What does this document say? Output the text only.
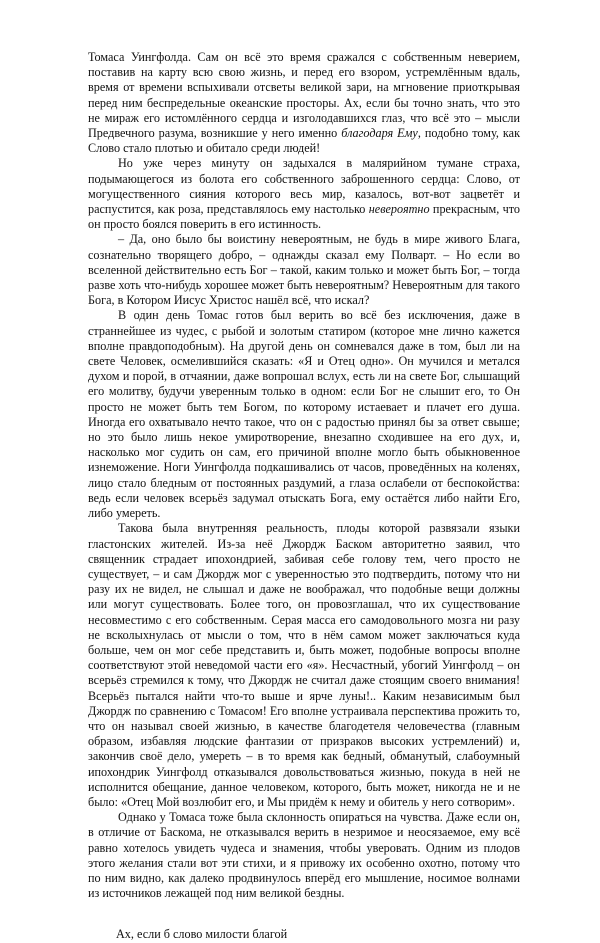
Томаса Уингфолда. Сам он всё это время сражался с собственным неверием, поставив на карту всю свою жизнь, и перед его взором, устремлённым вдаль, время от времени вспыхивали отсветы великой зари, на мгновение приоткрывая перед ним беспредельные океанские просторы. Ах, если бы точно знать, что это не мираж его истомлённого сердца и изголодавшихся глаз, что всё это – мысли Предвечного разума, возникшие у него именно благодаря Ему, подобно тому, как Слово стало плотью и обитало среди людей!

Но уже через минуту он задыхался в малярийном тумане страха, подымающегося из болота его собственного заброшенного сердца: Слово, от могущественного сияния которого весь мир, казалось, вот-вот зацветёт и распустится, как роза, представлялось ему настолько невероятно прекрасным, что он просто боялся поверить в его истинность.

– Да, оно было бы воистину невероятным, не будь в мире живого Блага, сознательно творящего добро, – однажды сказал ему Полварт. – Но если во вселенной действительно есть Бог – такой, каким только и может быть Бог, – тогда разве хоть что-нибудь хорошее может быть невероятным? Невероятным для такого Бога, в Котором Иисус Христос нашёл всё, что искал?

В один день Томас готов был верить во всё без исключения, даже в страннейшее из чудес, с рыбой и золотым статиром (которое мне лично кажется вполне правдоподобным). На другой день он сомневался даже в том, был ли на свете Человек, осмелившийся сказать: «Я и Отец одно». Он мучился и метался духом и порой, в отчаянии, даже вопрошал вслух, есть ли на свете Бог, слышащий его молитву, будучи уверенным только в одном: если Бог не слышит его, то Он просто не может быть тем Богом, по которому истаевает и плачет его душа. Иногда его охватывало нечто такое, что он с радостью принял бы за ответ свыше; но это было лишь некое умиротворение, внезапно сходившее на его дух, и, насколько мог судить он сам, его причиной вполне могло быть обыкновенное изнеможение. Ноги Уингфолда подкашивались от часов, проведённых на коленях, лицо стало бледным от постоянных раздумий, а глаза ослабели от беспокойства: ведь если человек всерьёз задумал отыскать Бога, ему остаётся либо найти Его, либо умереть.

Такова была внутренняя реальность, плоды которой развязали языки гластонских жителей. Из-за неё Джордж Баском авторитетно заявил, что священник страдает ипохондрией, забивая себе голову тем, чего просто не существует, – и сам Джордж мог с уверенностью это подтвердить, потому что ни разу их не видел, не слышал и даже не воображал, что подобные вещи должны или могут существовать. Более того, он провозглашал, что их существование несовместимо с его собственным. Серая масса его самодовольного мозга ни разу не всколыхнулась от мысли о том, что в нём самом может заключаться куда больше, чем он мог себе представить и, быть может, подобные вопросы вполне соответствуют этой неведомой части его «я». Несчастный, убогий Уингфолд – он всерьёз стремился к тому, что Джордж не считал даже стоящим своего внимания! Всерьёз пытался найти что-то выше и ярче луны!.. Каким независимым был Джордж по сравнению с Томасом! Его вполне устраивала перспектива прожить то, что он называл своей жизнью, в качестве благодетеля человечества (главным образом, избавляя людские фантазии от призраков высоких устремлений) и, закончив своё дело, умереть – в то время как бедный, обманутый, слабоумный ипохондрик Уингфолд отказывался довольствоваться жизнью, покуда в ней не исполнится обещание, данное человеком, которого, быть может, никогда не и не было: «Отец Мой возлюбит его, и Мы придём к нему и обитель у него сотворим».

Однако у Томаса тоже была склонность опираться на чувства. Даже если он, в отличие от Баскома, не отказывался верить в незримое и неосязаемое, ему всё равно хотелось увидеть чудеса и знамения, чтобы уверовать. Одним из плодов этого желания стали вот эти стихи, и я привожу их особенно охотно, потому что по ним видно, как далеко продвинулось вперёд его мышление, носимое волнами из источников лежащей под ним великой бездны.

Ах, если б слово милости благой
